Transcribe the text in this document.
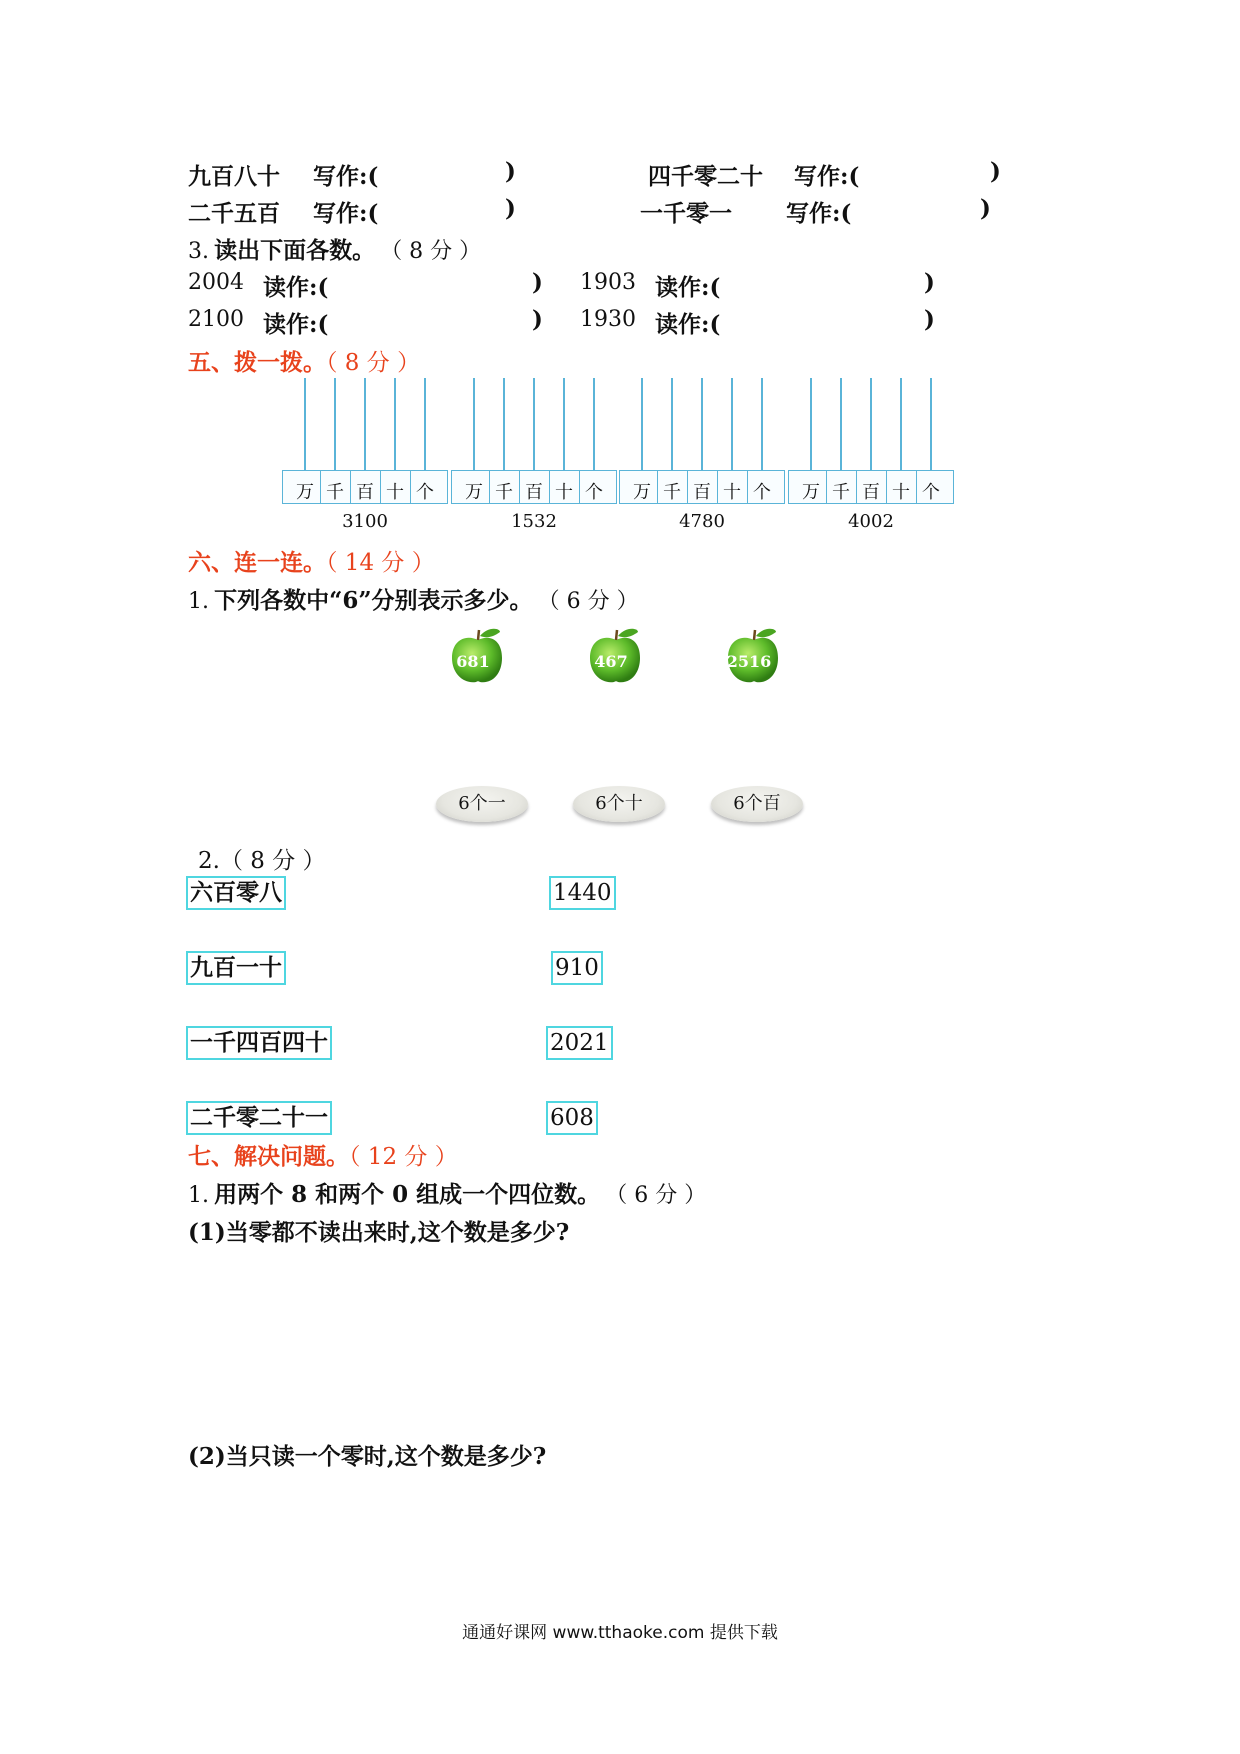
九百八十 写作:(	)	四千零二十 写作:(	)
二千五百 写作:(	)	一千零一 写作:(	)
3. 读出下面各数。 （ 8 分 ）
2004 读作:(	) 1903 读作:(	)
2100 读作:(	) 1930 读作:(	)
五、拨一拨。（ 8 分 ）
万 千 百 十 个
3100
万 千 百 十 个
1532
万 千 百 十 个
4780
万 千 百 十 个
4002
六、连一连。（ 14 分 ）
1. 下列各数中“6”分别表示多少。 （ 6 分 ）
681	467	2516
6个一	6个十	6个百
2.（ 8 分 ）
六百零八	1440
九百一十	910
一千四百四十	2021
二千零二十一	608
七、解决问题。（ 12 分 ）
1. 用两个 8 和两个 0 组成一个四位数。 （ 6 分 ）
(1)当零都不读出来时,这个数是多少?
(2)当只读一个零时,这个数是多少?
通通好课网 www.tthaoke.com 提供下载
